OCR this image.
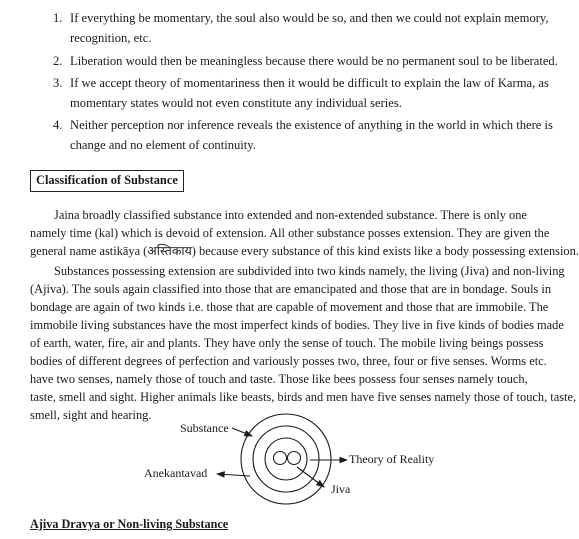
1. If everything be momentary, the soul also would be so, and then we could not explain memory,
recognition, etc.
2. Liberation would then be meaningless because there would be no permanent soul to be liberated.
3. If we accept theory of momentariness then it would be difficult to explain the law of Karma, as
momentary states would not even constitute any individual series.
4. Neither perception nor inference reveals the existence of anything in the world in which there is
change and no element of continuity.
Classification of Substance
Jaina broadly classified substance into extended and non-extended substance. There is only one
namely time (kal) which is devoid of extension. All other substance posses extension. They are given the
general name astikāya (अस्तिकाय) because every substance of this kind exists like a body possessing extension.
Substances possessing extension are subdivided into two kinds namely, the living (Jiva) and non-living
(Ajiva). The souls again classified into those that are emancipated and those that are in bondage. Souls in
bondage are again of two kinds i.e. those that are capable of movement and those that are immobile. The
immobile living substances have the most imperfect kinds of bodies. They live in five kinds of bodies made
of earth, water, fire, air and plants. They have only the sense of touch. The mobile living beings possess
bodies of different degrees of perfection and variously posses two, three, four or five senses. Worms etc.
have two senses, namely those of touch and taste. Those like bees possess four senses namely touch,
taste, smell and sight. Higher animals like beasts, birds and men have five senses namely those of touch, taste,
smell, sight and hearing.
Substance
Theory of Reality
Anekantavad
Jiva
Ajiva Dravya or Non-living Substance
